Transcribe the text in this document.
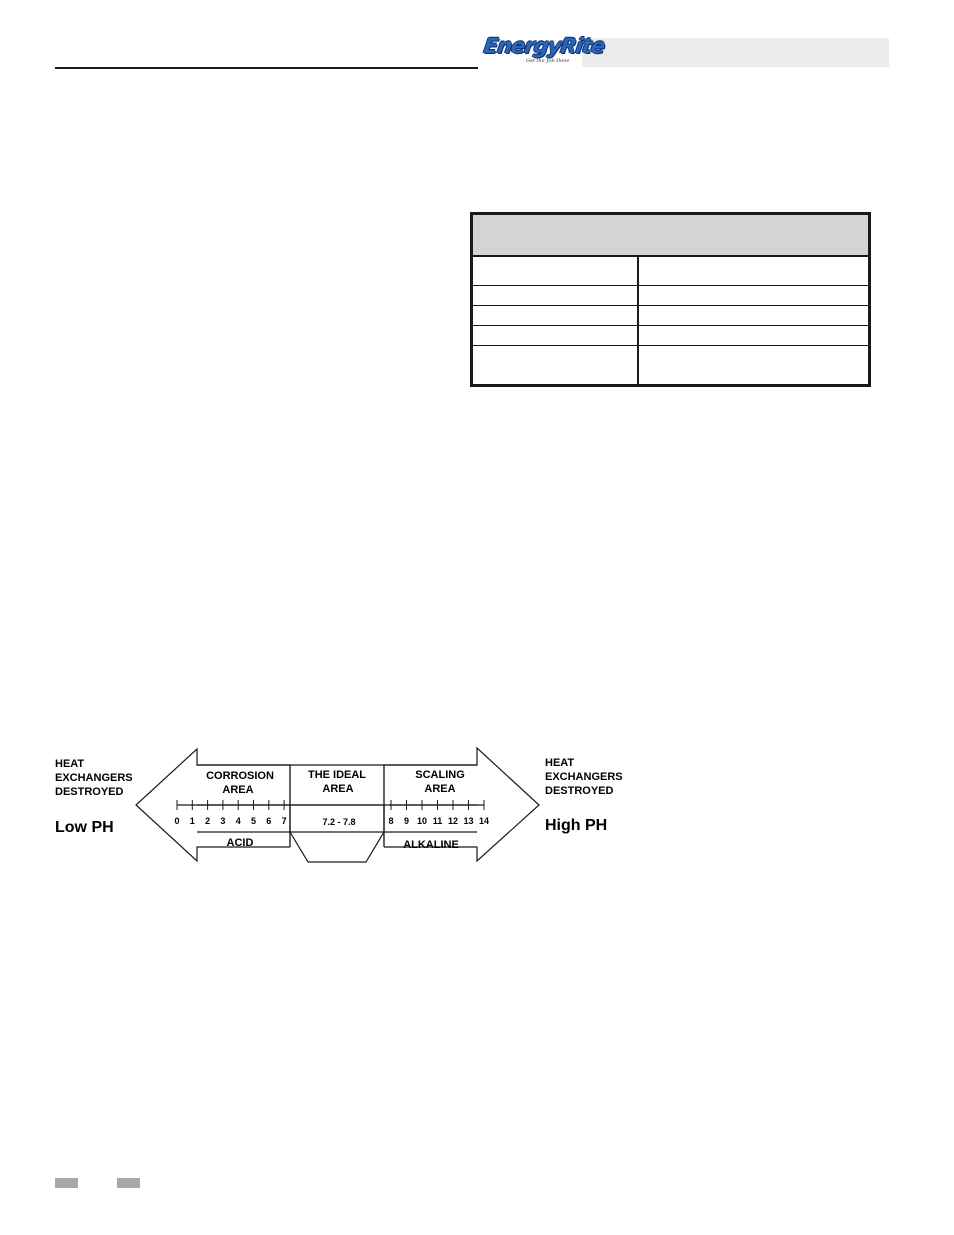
EnergyRite
Get the Job Done

HEAT
EXCHANGERS
DESTROYED
Low PH
HEAT
EXCHANGERS
DESTROYED
High PH
CORROSION
AREA
THE IDEAL
AREA
SCALING
AREA
7.2 - 7.8
ACID	ALKALINE
0 1 2 3 4 5 6 7	8 9 10 11 12 13 14
